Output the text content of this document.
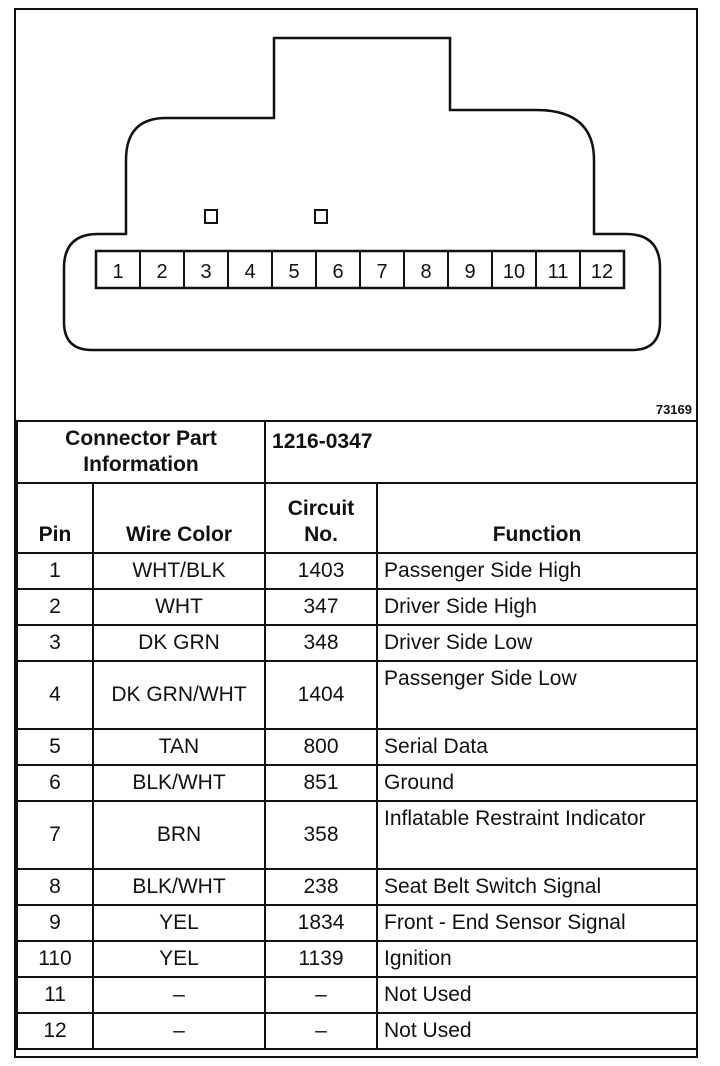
1 2 3 4 5 6 7 8 9 10 11 12
73169
Connector Part Information		1216-0347	
Pin	Wire Color	Circuit No.	Function
1	WHT/BLK	1403	Passenger Side High
2	WHT	347	Driver Side High
3	DK GRN	348	Driver Side Low
4	DK GRN/WHT	1404	Passenger Side Low
5	TAN	800	Serial Data
6	BLK/WHT	851	Ground
7	BRN	358	Inflatable Restraint Indicator
8	BLK/WHT	238	Seat Belt Switch Signal
9	YEL	1834	Front - End Sensor Signal
110	YEL	1139	Ignition
11	–	–	Not Used
12	–	–	Not Used
